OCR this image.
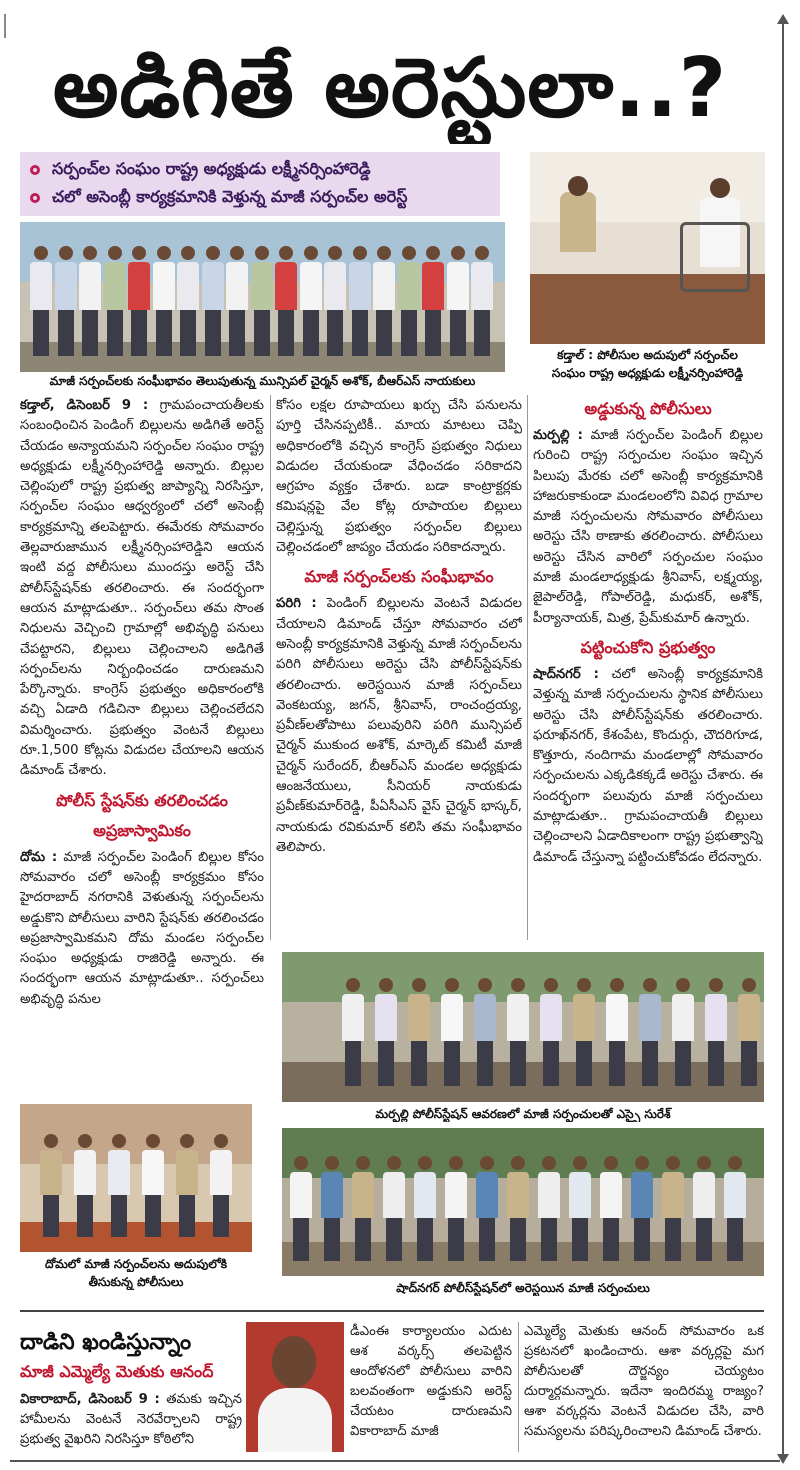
అడిగితే అరెస్టులా..?
సర్పంచ్‌ల సంఘం రాష్ట్ర అధ్యక్షుడు లక్ష్మీనర్సింహారెడ్డి
చలో అసెంబ్లీ కార్యక్రమానికి వెళ్తున్న మాజీ సర్పంచ్‌ల అరెస్ట్
మాజీ సర్పంచ్‌లకు సంఘీభావం తెలుపుతున్న మున్సిపల్ చైర్మన్ అశోక్, బీఆర్ఎస్ నాయకులు
కడ్తాల్ : పోలీసుల అదుపులో సర్పంచ్‌ల
సంఘం రాష్ట్ర అధ్యక్షుడు లక్ష్మీనర్సింహారెడ్డి

కడ్తాల్, డిసెంబర్ 9 : గ్రామపంచాయతీలకు సంబంధించిన పెండింగ్ బిల్లులను అడిగితే అరెస్ట్ చేయడం అన్యాయమని సర్పంచ్‌ల సంఘం రాష్ట్ర అధ్యక్షుడు లక్ష్మీనర్సింహారెడ్డి అన్నారు. బిల్లుల చెల్లింపులో రాష్ట్ర ప్రభుత్వ జాప్యాన్ని నిరసిస్తూ, సర్పంచ్‌ల సంఘం ఆధ్వర్యంలో చలో అసెంబ్లీ కార్యక్రమాన్ని తలపెట్టారు. ఈమేరకు సోమవారం తెల్లవారుజామున లక్ష్మీనర్సింహారెడ్డిని ఆయన ఇంటి వద్ద పోలీసులు ముందస్తు అరెస్ట్ చేసి పోలీస్‌స్టేషన్‌కు తరలించారు. ఈ సందర్భంగా ఆయన మాట్లాడుతూ.. సర్పంచ్‌లు తమ సొంత నిధులను వెచ్చించి గ్రామాల్లో అభివృద్ధి పనులు చేపట్టారని, బిల్లులు చెల్లించాలని అడిగితే సర్పంచ్‌లను నిర్బంధించడం దారుణమని పేర్కొన్నారు. కాంగ్రెస్ ప్రభుత్వం అధికారంలోకి వచ్చి ఏడాది గడిచినా బిల్లులు చెల్లించలేదని విమర్శించారు. ప్రభుత్వం వెంటనే బిల్లులు రూ.1,500 కోట్లను విడుదల చేయాలని ఆయన డిమాండ్ చేశారు.

పోలీస్ స్టేషన్‌కు తరలించడం
అప్రజాస్వామికం

దోమ : మాజీ సర్పంచ్‌ల పెండింగ్ బిల్లుల కోసం సోమవారం చలో అసెంబ్లీ కార్యక్రమం కోసం హైదరాబాద్ నగరానికి వెళుతున్న సర్పంచ్‌లను అడ్డుకొని పోలీసులు వారిని స్టేషన్‌కు తరలించడం అప్రజాస్వామికమని దోమ మండల సర్పంచ్‌ల సంఘం అధ్యక్షుడు రాజిరెడ్డి అన్నారు. ఈ సందర్భంగా ఆయన మాట్లాడుతూ.. సర్పంచ్‌లు అభివృద్ధి పనుల

కోసం లక్షల రూపాయలు ఖర్చు చేసి పనులను పూర్తి చేసినప్పటికీ.. మాయ మాటలు చెప్పి అధికారంలోకి వచ్చిన కాంగ్రెస్ ప్రభుత్వం నిధులు విడుదల చేయకుండా వేధించడం సరికాదని ఆగ్రహం వ్యక్తం చేశారు. బడా కాంట్రాక్టర్లకు కమిషన్లపై వేల కోట్ల రూపాయల బిల్లులు చెల్లిస్తున్న ప్రభుత్వం సర్పంచ్‌ల బిల్లులు చెల్లించడంలో జాప్యం చేయడం సరికాదన్నారు.

మాజీ సర్పంచ్‌లకు సంఘీభావం

పరిగి : పెండింగ్ బిల్లులను వెంటనే విడుదల చేయాలని డిమాండ్ చేస్తూ సోమవారం చలో అసెంబ్లీ కార్యక్రమానికి వెళ్తున్న మాజీ సర్పంచ్‌లను పరిగి పోలీసులు అరెస్టు చేసి పోలీస్‌స్టేషన్‌కు తరలించారు. అరెస్టయిన మాజీ సర్పంచ్‌లు వెంకటయ్య, జగన్, శ్రీనివాస్, రాంచంద్రయ్య, ప్రవీణ్‌లతోపాటు పలువురిని పరిగి మున్సిపల్ చైర్మన్ ముకుంద అశోక్, మార్కెట్ కమిటీ మాజీ చైర్మన్ సురేందర్, బీఆర్ఎస్ మండల అధ్యక్షుడు ఆంజనేయులు, సీనియర్ నాయకుడు ప్రవీణ్‌కుమార్‌రెడ్డి, పీఏసీఎస్ వైస్ చైర్మన్ భాస్కర్, నాయకుడు రవికుమార్ కలిసి తమ సంఘీభావం తెలిపారు.

అడ్డుకున్న పోలీసులు

మర్పల్లి : మాజీ సర్పంచ్‌ల పెండింగ్ బిల్లుల గురించి రాష్ట్ర సర్పంచుల సంఘం ఇచ్చిన పిలుపు మేరకు చలో అసెంబ్లీ కార్యక్రమానికి హాజరుకాకుండా మండలంలోని వివిధ గ్రామాల మాజీ సర్పంచులను సోమవారం పోలీసులు అరెస్టు చేసి ఠాణాకు తరలించారు. పోలీసులు అరెస్టు చేసిన వారిలో సర్పంచుల సంఘం మాజీ మండలాధ్యక్షుడు శ్రీనివాస్, లక్ష్మయ్య, జైపాల్‌రెడ్డి, గోపాల్‌రెడ్డి, మధుకర్, అశోక్, పీర్యానాయక్, మిత్ర, ప్రేమ్‌కుమార్ ఉన్నారు.

పట్టించుకోని ప్రభుత్వం

షాద్‌నగర్ : చలో అసెంబ్లీ కార్యక్రమానికి వెళ్తున్న మాజీ సర్పంచులను స్థానిక పోలీసులు అరెస్టు చేసి పోలీస్‌స్టేషన్‌కు తరలించారు. ఫరూఖ్‌నగర్, కేశంపేట, కొందుర్గు, చౌదరిగూడ, కొత్తూరు, నందిగామ మండలాల్లో సోమవారం సర్పంచులను ఎక్కడికక్కడే అరెస్టు చేశారు. ఈ సందర్భంగా పలువురు మాజీ సర్పంచులు మాట్లాడుతూ.. గ్రామపంచాయతీ బిల్లులు చెల్లించాలని ఏడాదికాలంగా రాష్ట్ర ప్రభుత్వాన్ని డిమాండ్ చేస్తున్నా పట్టించుకోవడం లేదన్నారు.

మర్పల్లి పోలీస్‌స్టేషన్ ఆవరణలో మాజీ సర్పంచులతో ఎస్సై సురేశ్
దోమలో మాజీ సర్పంచ్‌లను అదుపులోకి
తీసుకున్న పోలీసులు	షాద్‌నగర్ పోలీస్‌స్టేషన్‌లో అరెస్టయిన మాజీ సర్పంచులు
దాడిని ఖండిస్తున్నాం
మాజీ ఎమ్మెల్యే మెతుకు ఆనంద్

వికారాబాద్, డిసెంబర్ 9 : తమకు ఇచ్చిన హామీలను వెంటనే నెరవేర్చాలని రాష్ట్ర ప్రభుత్వ వైఖరిని నిరసిస్తూ కోఠిలోని

డీఎంఈ కార్యాలయం ఎదుట ఆశ వర్కర్స్ తలపెట్టిన ఆందోళనలో పోలీసులు వారిని బలవంతంగా అడ్డుకుని అరెస్ట్ చేయటం దారుణమని వికారాబాద్ మాజీ

ఎమ్మెల్యే మెతుకు ఆనంద్ సోమవారం ఒక ప్రకటనలో ఖండించారు. ఆశా వర్కర్లపై మగ పోలీసులతో దౌర్జన్యం చెయ్యటం దుర్మార్గమన్నారు. ఇదేనా ఇందిరమ్మ రాజ్యం? ఆశా వర్కర్లను వెంటనే విడుదల చేసి, వారి సమస్యలను పరిష్కరించాలని డిమాండ్ చేశారు.
